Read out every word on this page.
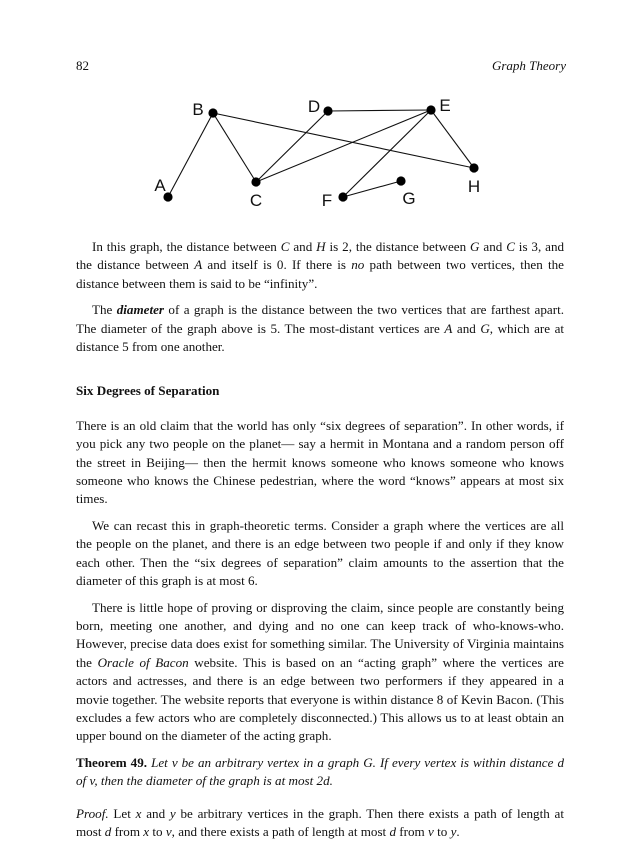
82	Graph Theory
A
B
C
D	E
F	G
H

In this graph, the distance between C and H is 2, the distance between G and C is 3, and the distance between A and itself is 0. If there is no path between two vertices, then the distance between them is said to be “infinity”.

The diameter of a graph is the distance between the two vertices that are farthest apart. The diameter of the graph above is 5. The most-distant vertices are A and G, which are at distance 5 from one another.

Six Degrees of Separation

There is an old claim that the world has only “six degrees of separation”. In other words, if you pick any two people on the planet— say a hermit in Montana and a random person off the street in Beijing— then the hermit knows someone who knows someone who knows someone who knows the Chinese pedestrian, where the word “knows” appears at most six times.

We can recast this in graph-theoretic terms. Consider a graph where the vertices are all the people on the planet, and there is an edge between two people if and only if they know each other. Then the “six degrees of separation” claim amounts to the assertion that the diameter of this graph is at most 6.

There is little hope of proving or disproving the claim, since people are constantly being born, meeting one another, and dying and no one can keep track of who-knows-who. However, precise data does exist for something similar. The University of Virginia maintains the Oracle of Bacon website. This is based on an “acting graph” where the vertices are actors and actresses, and there is an edge between two performers if they appeared in a movie together. The website reports that everyone is within distance 8 of Kevin Bacon. (This excludes a few actors who are completely disconnected.) This allows us to at least obtain an upper bound on the diameter of the acting graph.

Theorem 49. Let v be an arbitrary vertex in a graph G. If every vertex is within distance d of v, then the diameter of the graph is at most 2d.

Proof. Let x and y be arbitrary vertices in the graph. Then there exists a path of length at most d from x to v, and there exists a path of length at most d from v to y.
